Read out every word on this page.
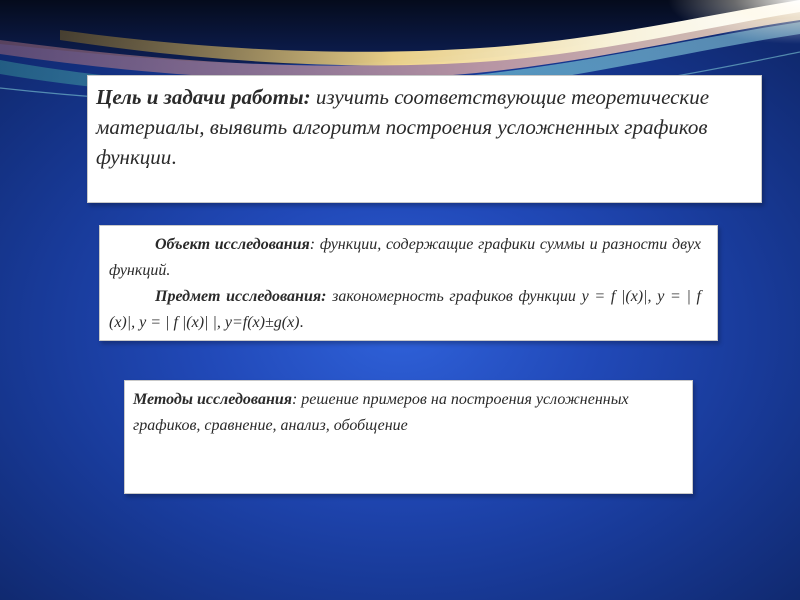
Цель и задачи работы: изучить соответствующие теоретические материалы, выявить алгоритм построения усложненных графиков функции.

Объект исследования: функции, содержащие графики суммы и разности двух функций.

Предмет исследования: закономерность графиков функции y = f |(x)|, y = | f (x)|, y = | f |(x)| |, y=f(x)±g(x).

Методы исследования: решение примеров на построения усложненных графиков, сравнение, анализ, обобщение
